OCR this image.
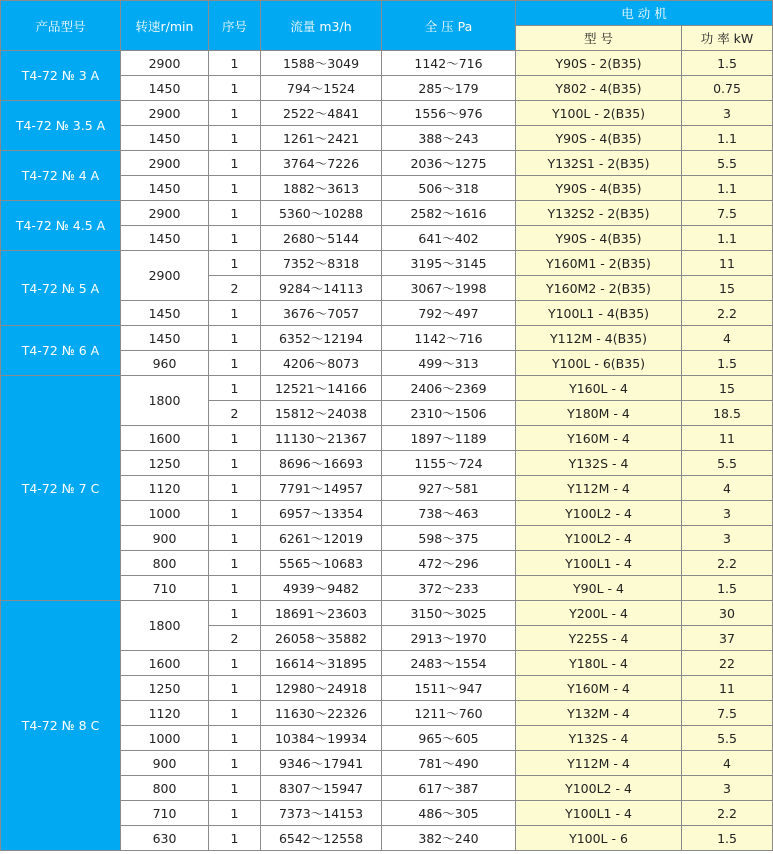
产品型号	转速r/min	序号	流量 m3/h	全 压 Pa	电 动 机	
					型 号	功 率 kW
T4-72 № 3 A	2900	1	1588～3049	1142～716	Y90S - 2(B35)	1.5
	1450	1	794～1524	285～179	Y802 - 4(B35)	0.75
T4-72 № 3.5 A	2900	1	2522～4841	1556～976	Y100L - 2(B35)	3
	1450	1	1261～2421	388～243	Y90S - 4(B35)	1.1
T4-72 № 4 A	2900	1	3764～7226	2036～1275	Y132S1 - 2(B35)	5.5
	1450	1	1882～3613	506～318	Y90S - 4(B35)	1.1
T4-72 № 4.5 A	2900	1	5360～10288	2582～1616	Y132S2 - 2(B35)	7.5
	1450	1	2680～5144	641～402	Y90S - 4(B35)	1.1
T4-72 № 5 A	2900	1	7352～8318	3195～3145	Y160M1 - 2(B35)	11
		2	9284～14113	3067～1998	Y160M2 - 2(B35)	15
	1450	1	3676～7057	792～497	Y100L1 - 4(B35)	2.2
T4-72 № 6 A	1450	1	6352～12194	1142～716	Y112M - 4(B35)	4
	960	1	4206～8073	499～313	Y100L - 6(B35)	1.5
T4-72 № 7 C	1800	1	12521～14166	2406～2369	Y160L - 4	15
		2	15812～24038	2310～1506	Y180M - 4	18.5
	1600	1	11130～21367	1897～1189	Y160M - 4	11
	1250	1	8696～16693	1155～724	Y132S - 4	5.5
	1120	1	7791～14957	927～581	Y112M - 4	4
	1000	1	6957～13354	738～463	Y100L2 - 4	3
	900	1	6261～12019	598～375	Y100L2 - 4	3
	800	1	5565～10683	472～296	Y100L1 - 4	2.2
	710	1	4939～9482	372～233	Y90L - 4	1.5
T4-72 № 8 C	1800	1	18691～23603	3150～3025	Y200L - 4	30
		2	26058～35882	2913～1970	Y225S - 4	37
	1600	1	16614～31895	2483～1554	Y180L - 4	22
	1250	1	12980～24918	1511～947	Y160M - 4	11
	1120	1	11630～22326	1211～760	Y132M - 4	7.5
	1000	1	10384～19934	965～605	Y132S - 4	5.5
	900	1	9346～17941	781～490	Y112M - 4	4
	800	1	8307～15947	617～387	Y100L2 - 4	3
	710	1	7373～14153	486～305	Y100L1 - 4	2.2
	630	1	6542～12558	382～240	Y100L - 6	1.5
